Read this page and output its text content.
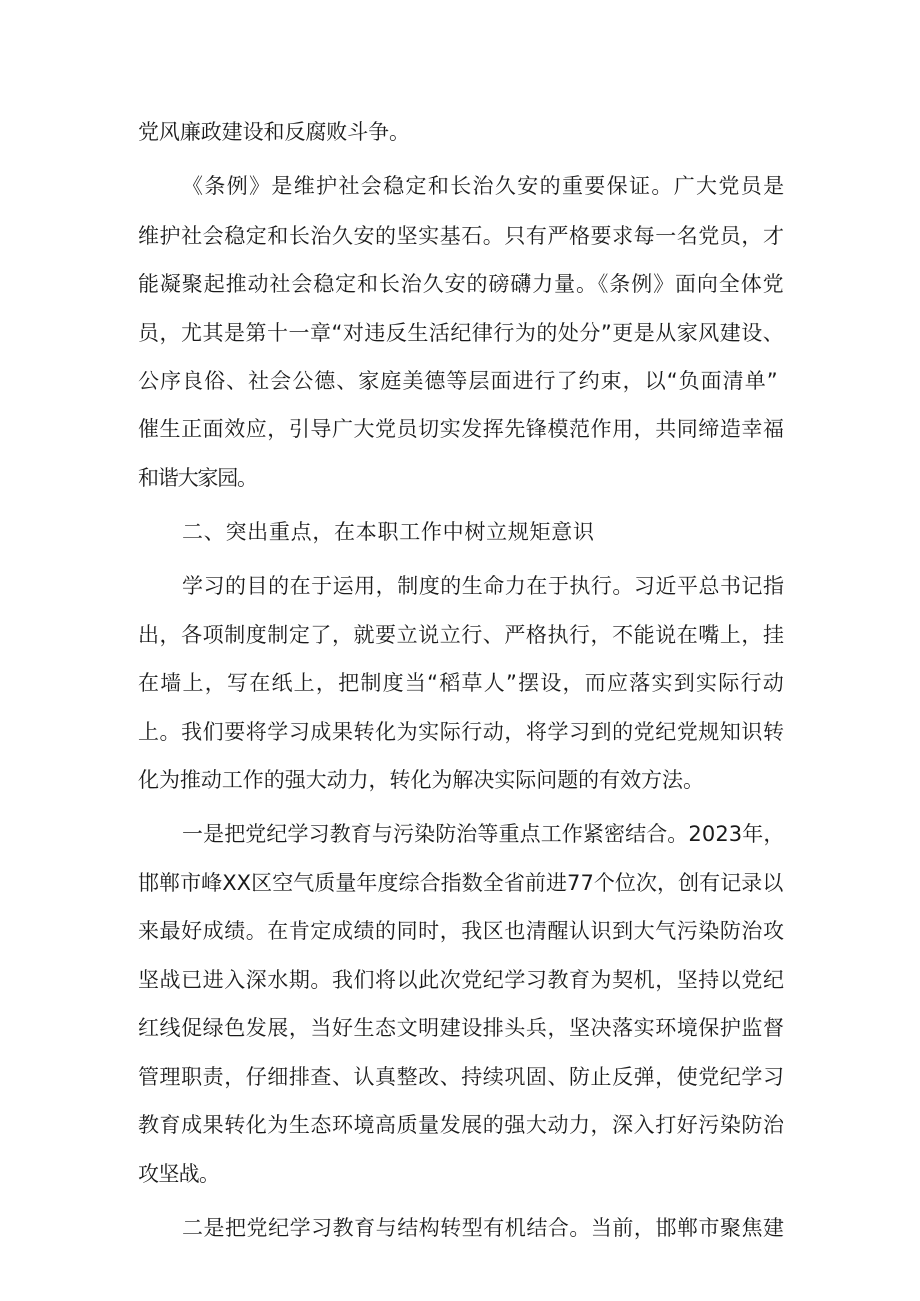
党风廉政建设和反腐败斗争。
《条例》是维护社会稳定和长治久安的重要保证。广大党员是
维护社会稳定和长治久安的坚实基石。只有严格要求每一名党员，才
能凝聚起推动社会稳定和长治久安的磅礴力量。《条例》面向全体党
员，尤其是第十一章“对违反生活纪律行为的处分”更是从家风建设、
公序良俗、社会公德、家庭美德等层面进行了约束，以“负面清单”
催生正面效应，引导广大党员切实发挥先锋模范作用，共同缔造幸福
和谐大家园。
二、突出重点，在本职工作中树立规矩意识
学习的目的在于运用，制度的生命力在于执行。习近平总书记指
出，各项制度制定了，就要立说立行、严格执行，不能说在嘴上，挂
在墙上，写在纸上，把制度当“稻草人”摆设，而应落实到实际行动
上。我们要将学习成果转化为实际行动，将学习到的党纪党规知识转
化为推动工作的强大动力，转化为解决实际问题的有效方法。
一是把党纪学习教育与污染防治等重点工作紧密结合。2023年，
邯郸市峰XX区空气质量年度综合指数全省前进77个位次，创有记录以
来最好成绩。在肯定成绩的同时，我区也清醒认识到大气污染防治攻
坚战已进入深水期。我们将以此次党纪学习教育为契机，坚持以党纪
红线促绿色发展，当好生态文明建设排头兵，坚决落实环境保护监督
管理职责，仔细排查、认真整改、持续巩固、防止反弹，使党纪学习
教育成果转化为生态环境高质量发展的强大动力，深入打好污染防治
攻坚战。
二是把党纪学习教育与结构转型有机结合。当前，邯郸市聚焦建
